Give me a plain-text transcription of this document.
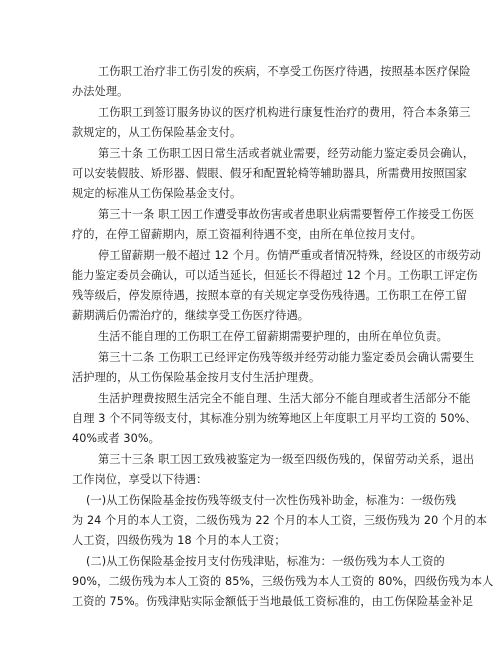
工伤职工治疗非工伤引发的疾病，不享受工伤医疗待遇，按照基本医疗保险
办法处理。
工伤职工到签订服务协议的医疗机构进行康复性治疗的费用，符合本条第三
款规定的，从工伤保险基金支付。
第三十条 工伤职工因日常生活或者就业需要，经劳动能力鉴定委员会确认，
可以安装假肢、矫形器、假眼、假牙和配置轮椅等辅助器具，所需费用按照国家
规定的标准从工伤保险基金支付。
第三十一条 职工因工作遭受事故伤害或者患职业病需要暂停工作接受工伤医
疗的，在停工留薪期内，原工资福利待遇不变，由所在单位按月支付。
停工留薪期一般不超过 12 个月。伤情严重或者情况特殊，经设区的市级劳动
能力鉴定委员会确认，可以适当延长，但延长不得超过 12 个月。工伤职工评定伤
残等级后，停发原待遇，按照本章的有关规定享受伤残待遇。工伤职工在停工留
薪期满后仍需治疗的，继续享受工伤医疗待遇。
生活不能自理的工伤职工在停工留薪期需要护理的，由所在单位负责。
第三十二条 工伤职工已经评定伤残等级并经劳动能力鉴定委员会确认需要生
活护理的，从工伤保险基金按月支付生活护理费。
生活护理费按照生活完全不能自理、生活大部分不能自理或者生活部分不能
自理 3 个不同等级支付，其标准分别为统筹地区上年度职工月平均工资的 50%、
40%或者 30%。
第三十三条 职工因工致残被鉴定为一级至四级伤残的，保留劳动关系，退出
工作岗位，享受以下待遇：
(一)从工伤保险基金按伤残等级支付一次性伤残补助金，标准为：一级伤残
为 24 个月的本人工资，二级伤残为 22 个月的本人工资，三级伤残为 20 个月的本
人工资，四级伤残为 18 个月的本人工资；
(二)从工伤保险基金按月支付伤残津贴，标准为：一级伤残为本人工资的
90%，二级伤残为本人工资的 85%，三级伤残为本人工资的 80%，四级伤残为本人
工资的 75%。伤残津贴实际金额低于当地最低工资标准的，由工伤保险基金补足
